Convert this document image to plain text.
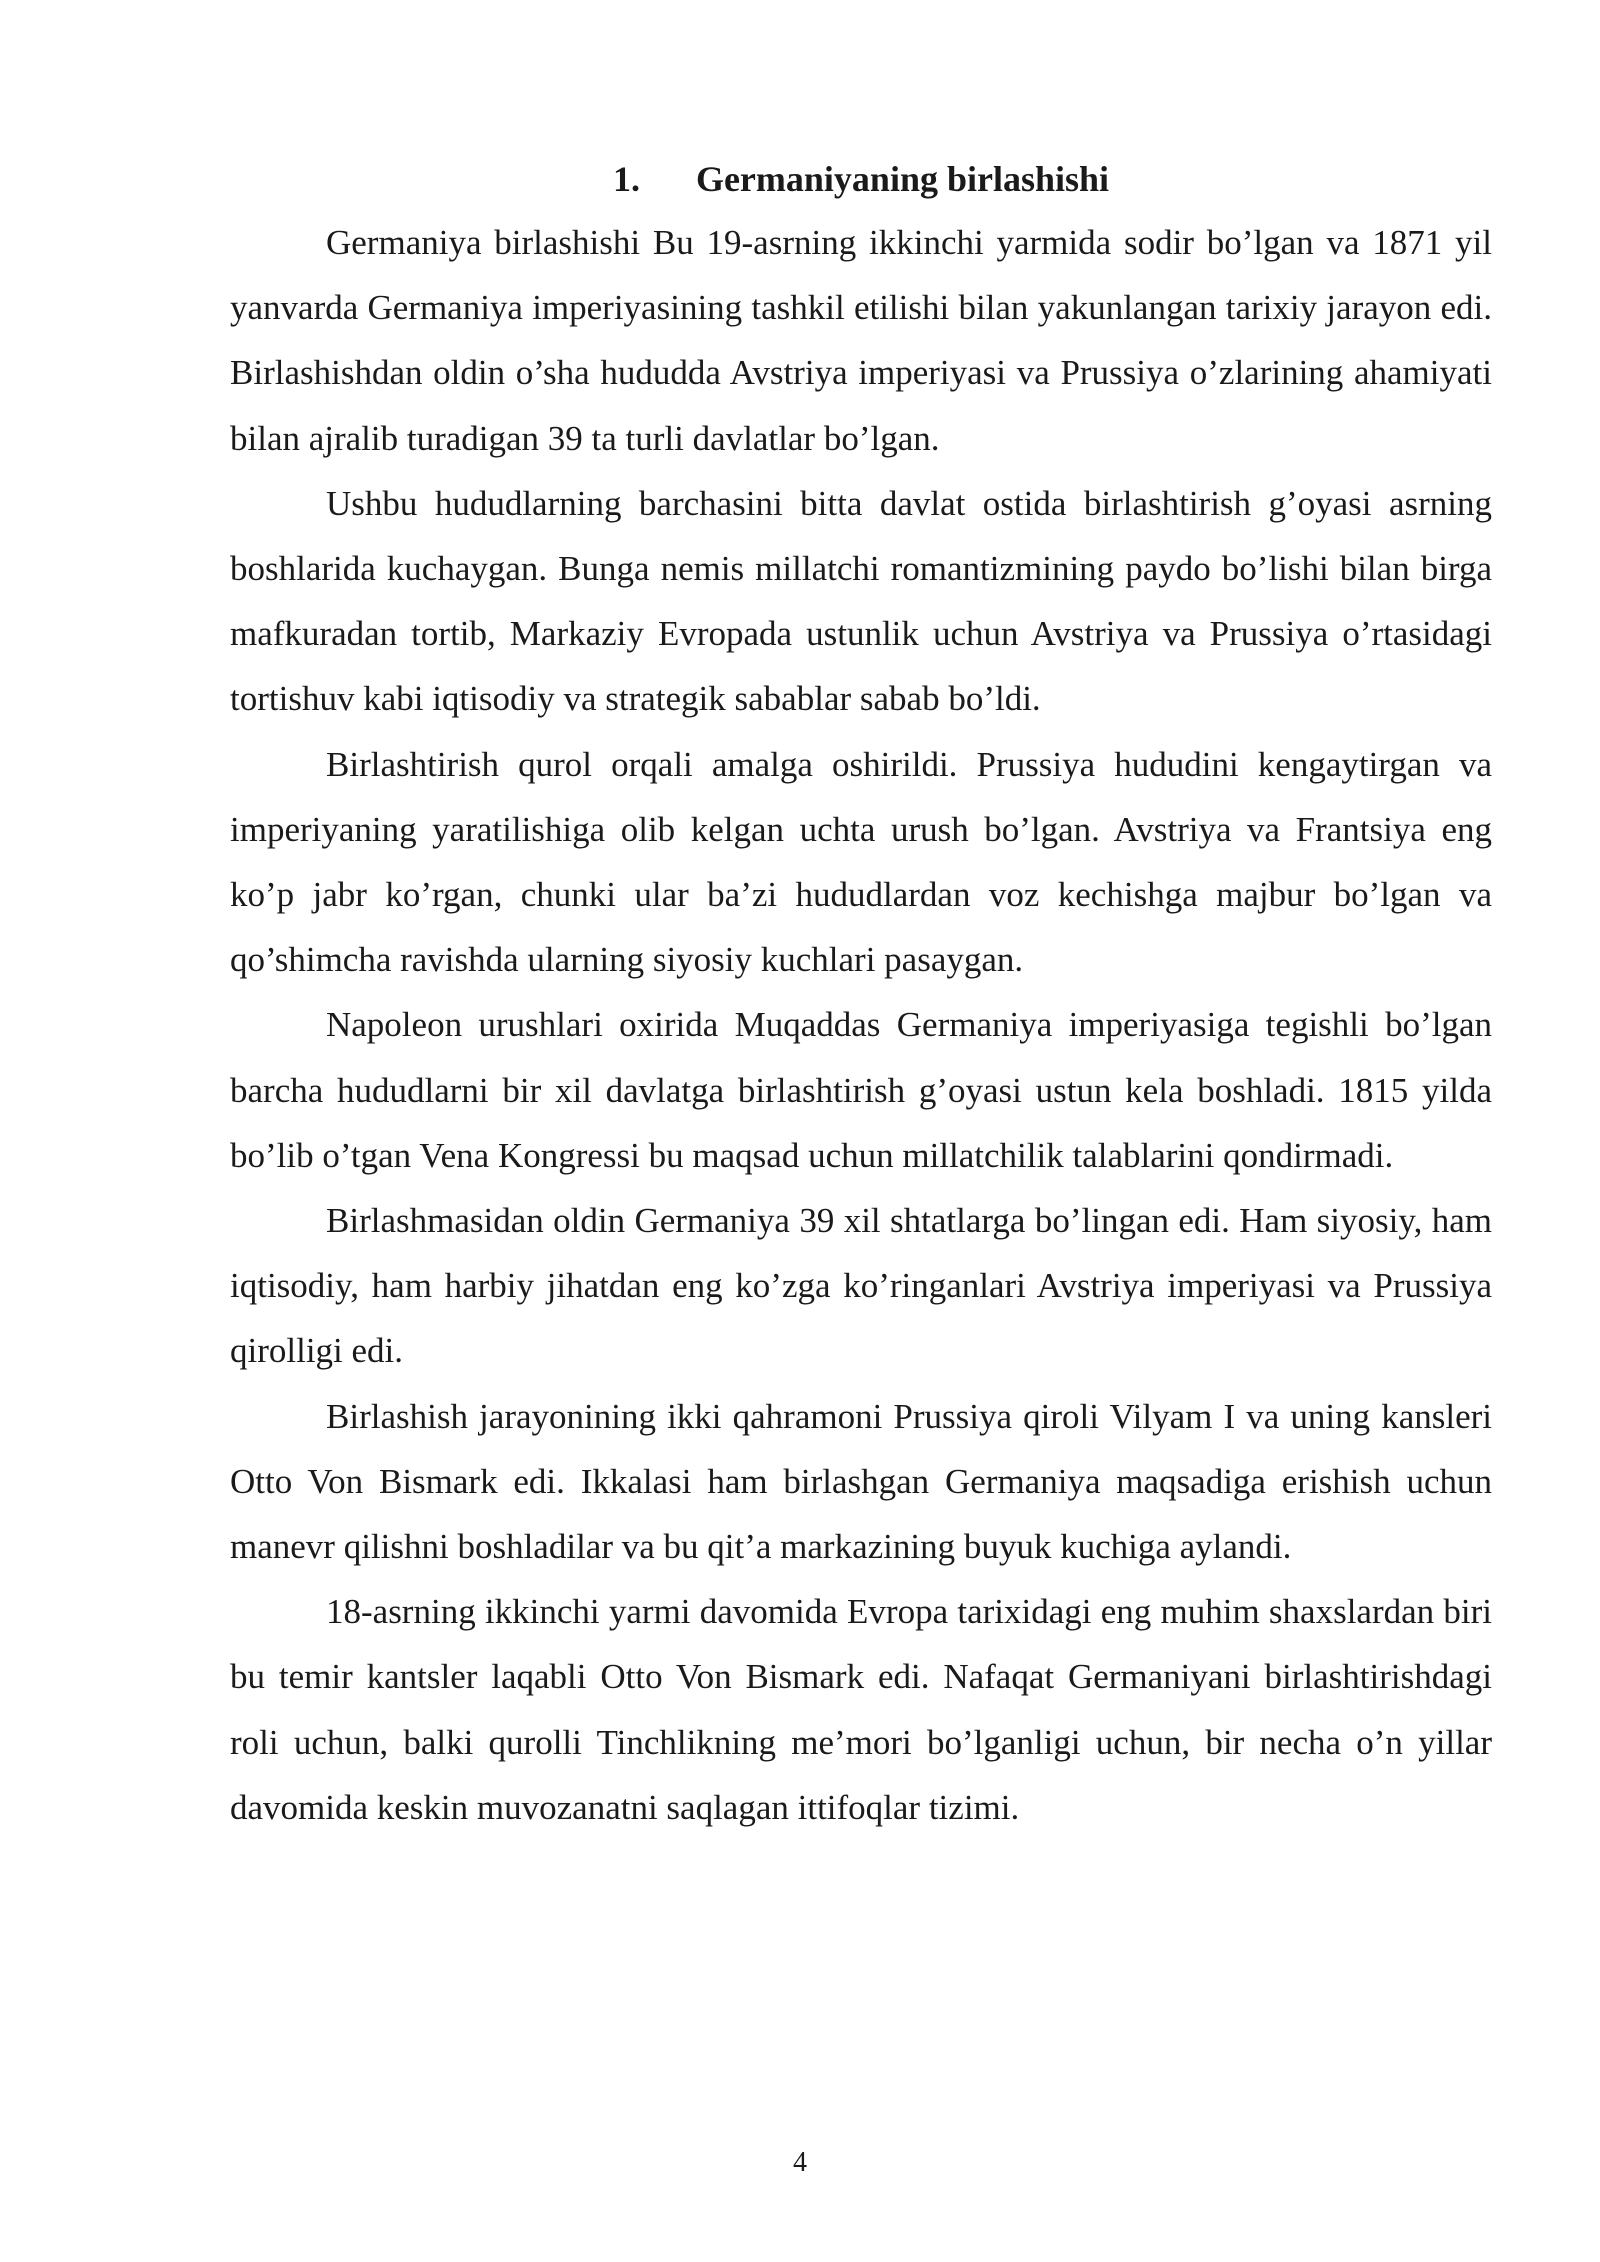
1. Germaniyaning birlashishi

Germaniya birlashishi Bu 19-asrning ikkinchi yarmida sodir bo’lgan va 1871 yil yanvarda Germaniya imperiyasining tashkil etilishi bilan yakunlangan tarixiy jarayon edi. Birlashishdan oldin o’sha hududda Avstriya imperiyasi va Prussiya o’zlarining ahamiyati bilan ajralib turadigan 39 ta turli davlatlar bo’lgan.

Ushbu hududlarning barchasini bitta davlat ostida birlashtirish g’oyasi asrning boshlarida kuchaygan. Bunga nemis millatchi romantizmining paydo bo’lishi bilan birga mafkuradan tortib, Markaziy Evropada ustunlik uchun Avstriya va Prussiya o’rtasidagi tortishuv kabi iqtisodiy va strategik sabablar sabab bo’ldi.

Birlashtirish qurol orqali amalga oshirildi. Prussiya hududini kengaytirgan va imperiyaning yaratilishiga olib kelgan uchta urush bo’lgan. Avstriya va Frantsiya eng ko’p jabr ko’rgan, chunki ular ba’zi hududlardan voz kechishga majbur bo’lgan va qo’shimcha ravishda ularning siyosiy kuchlari pasaygan.

Napoleon urushlari oxirida Muqaddas Germaniya imperiyasiga tegishli bo’lgan barcha hududlarni bir xil davlatga birlashtirish g’oyasi ustun kela boshladi. 1815 yilda bo’lib o’tgan Vena Kongressi bu maqsad uchun millatchilik talablarini qondirmadi.

Birlashmasidan oldin Germaniya 39 xil shtatlarga bo’lingan edi. Ham siyosiy, ham iqtisodiy, ham harbiy jihatdan eng ko’zga ko’ringanlari Avstriya imperiyasi va Prussiya qirolligi edi.

Birlashish jarayonining ikki qahramoni Prussiya qiroli Vilyam I va uning kansleri Otto Von Bismark edi. Ikkalasi ham birlashgan Germaniya maqsadiga erishish uchun manevr qilishni boshladilar va bu qit’a markazining buyuk kuchiga aylandi.

18-asrning ikkinchi yarmi davomida Evropa tarixidagi eng muhim shaxslardan biri bu temir kantsler laqabli Otto Von Bismark edi. Nafaqat Germaniyani birlashtirishdagi roli uchun, balki qurolli Tinchlikning me’mori bo’lganligi uchun, bir necha o’n yillar davomida keskin muvozanatni saqlagan ittifoqlar tizimi.

4
